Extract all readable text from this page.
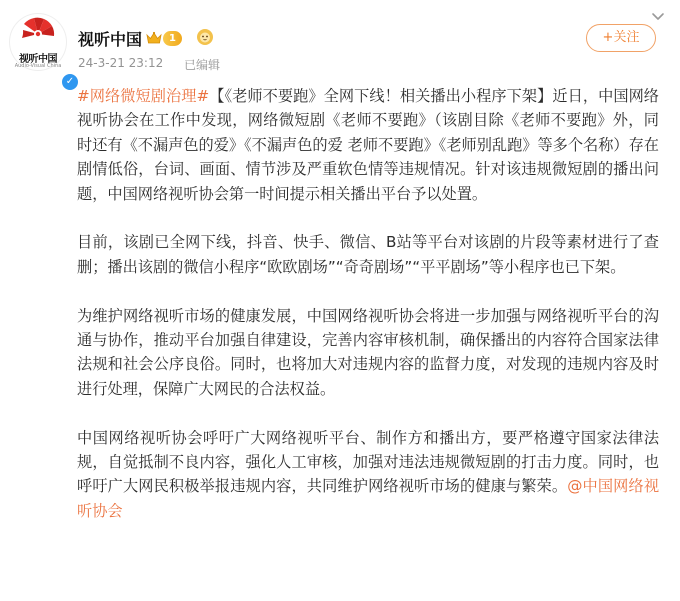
视听中国
Audio-Visual China
✓
视听中国	1
24-3-21 23:12 已编辑
+关注

#网络微短剧治理#【《老师不要跑》全网下线！相关播出小程序下架】近日，中国网络视听协会在工作中发现，网络微短剧《老师不要跑》（该剧目除《老师不要跑》外，同时还有《不漏声色的爱》《不漏声色的爱 老师不要跑》《老师别乱跑》等多个名称）存在剧情低俗，台词、画面、情节涉及严重软色情等违规情况。针对该违规微短剧的播出问题，中国网络视听协会第一时间提示相关播出平台予以处置。

目前，该剧已全网下线，抖音、快手、微信、B站等平台对该剧的片段等素材进行了查删；播出该剧的微信小程序“欧欧剧场”“奇奇剧场”“平平剧场”等小程序也已下架。

为维护网络视听市场的健康发展，中国网络视听协会将进一步加强与网络视听平台的沟通与协作，推动平台加强自律建设，完善内容审核机制，确保播出的内容符合国家法律法规和社会公序良俗。同时，也将加大对违规内容的监督力度，对发现的违规内容及时进行处理，保障广大网民的合法权益。

中国网络视听协会呼吁广大网络视听平台、制作方和播出方，要严格遵守国家法律法规，自觉抵制不良内容，强化人工审核，加强对违法违规微短剧的打击力度。同时，也呼吁广大网民积极举报违规内容，共同维护网络视听市场的健康与繁荣。@中国网络视听协会
